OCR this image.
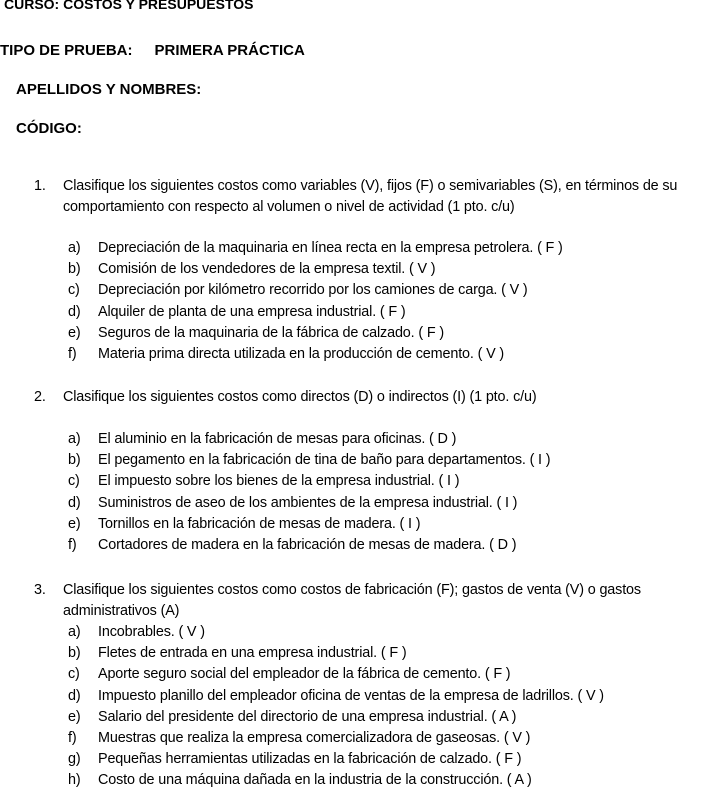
CURSO: COSTOS Y PRESUPUESTOS
TIPO DE PRUEBA: PRIMERA PRÁCTICA
APELLIDOS Y NOMBRES:
CÓDIGO:
1. Clasifique los siguientes costos como variables (V), fijos (F) o semivariables (S), en términos de su
comportamiento con respecto al volumen o nivel de actividad (1 pto. c/u)
a) Depreciación de la maquinaria en línea recta en la empresa petrolera. ( F )
b) Comisión de los vendedores de la empresa textil. ( V )
c) Depreciación por kilómetro recorrido por los camiones de carga. ( V )
d) Alquiler de planta de una empresa industrial. ( F )
e) Seguros de la maquinaria de la fábrica de calzado. ( F )
f) Materia prima directa utilizada en la producción de cemento. ( V )
2. Clasifique los siguientes costos como directos (D) o indirectos (I) (1 pto. c/u)
a) El aluminio en la fabricación de mesas para oficinas. ( D )
b) El pegamento en la fabricación de tina de baño para departamentos. ( I )
c) El impuesto sobre los bienes de la empresa industrial. ( I )
d) Suministros de aseo de los ambientes de la empresa industrial. ( I )
e) Tornillos en la fabricación de mesas de madera. ( I )
f) Cortadores de madera en la fabricación de mesas de madera. ( D )
3. Clasifique los siguientes costos como costos de fabricación (F); gastos de venta (V) o gastos
administrativos (A)
a) Incobrables. ( V )
b) Fletes de entrada en una empresa industrial. ( F )
c) Aporte seguro social del empleador de la fábrica de cemento. ( F )
d) Impuesto planillo del empleador oficina de ventas de la empresa de ladrillos. ( V )
e) Salario del presidente del directorio de una empresa industrial. ( A )
f) Muestras que realiza la empresa comercializadora de gaseosas. ( V )
g) Pequeñas herramientas utilizadas en la fabricación de calzado. ( F )
h) Costo de una máquina dañada en la industria de la construcción. ( A )
